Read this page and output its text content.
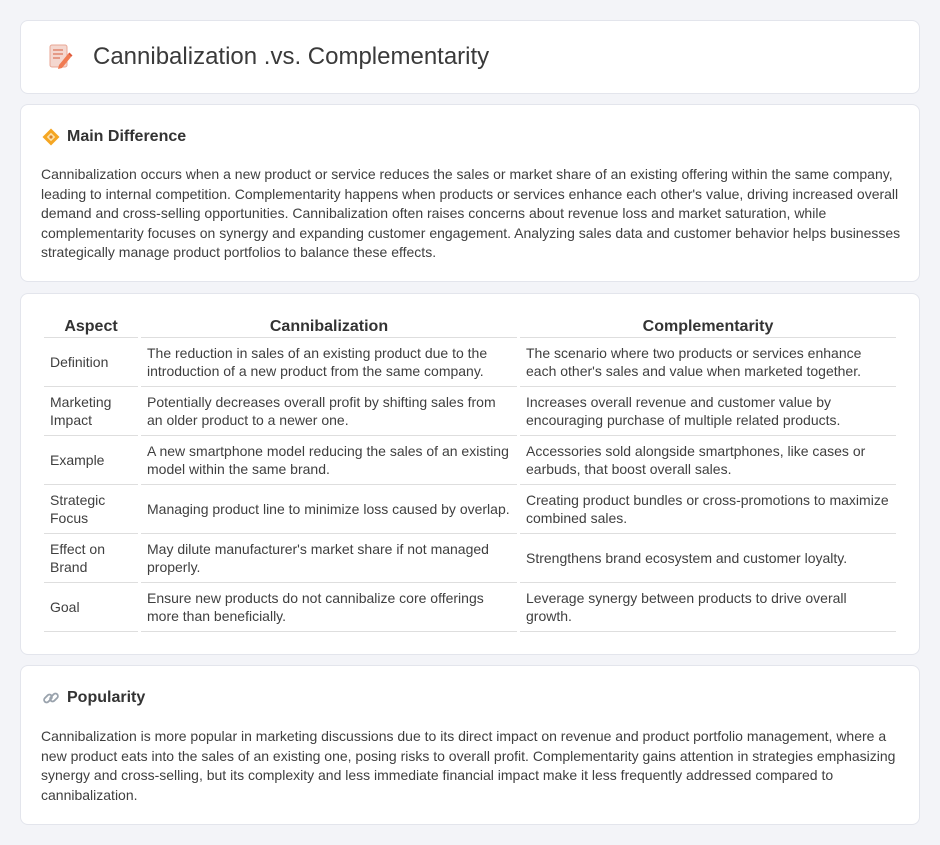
Cannibalization .vs. Complementarity
Main Difference

Cannibalization occurs when a new product or service reduces the sales or market share of an existing offering within the same company, leading to internal competition. Complementarity happens when products or services enhance each other's value, driving increased overall demand and cross-selling opportunities. Cannibalization often raises concerns about revenue loss and market saturation, while complementarity focuses on synergy and expanding customer engagement. Analyzing sales data and customer behavior helps businesses strategically manage product portfolios to balance these effects.

Aspect	Cannibalization	Complementarity
Definition	The reduction in sales of an existing product due to the introduction of a new product from the same company.	The scenario where two products or services enhance each other's sales and value when marketed together.
Marketing Impact	Potentially decreases overall profit by shifting sales from an older product to a newer one.	Increases overall revenue and customer value by encouraging purchase of multiple related products.
Example	A new smartphone model reducing the sales of an existing model within the same brand.	Accessories sold alongside smartphones, like cases or earbuds, that boost overall sales.
Strategic Focus	Managing product line to minimize loss caused by overlap.	Creating product bundles or cross-promotions to maximize combined sales.
Effect on Brand	May dilute manufacturer's market share if not managed properly.	Strengthens brand ecosystem and customer loyalty.
Goal	Ensure new products do not cannibalize core offerings more than beneficially.	Leverage synergy between products to drive overall growth.
Popularity

Cannibalization is more popular in marketing discussions due to its direct impact on revenue and product portfolio management, where a new product eats into the sales of an existing one, posing risks to overall profit. Complementarity gains attention in strategies emphasizing synergy and cross-selling, but its complexity and less immediate financial impact make it less frequently addressed compared to cannibalization.
